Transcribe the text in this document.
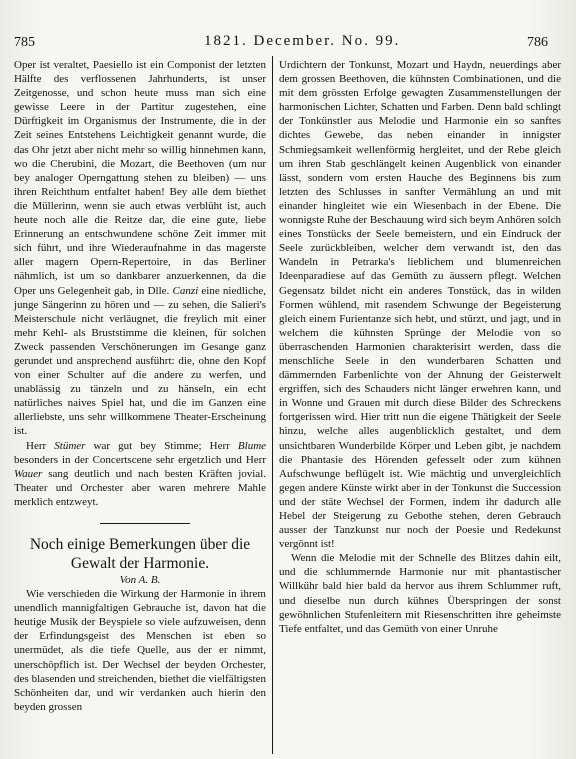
785	1821. December. No. 99.	786

Oper ist veraltet, Paesiello ist ein Componist der letzten Hälfte des verflossenen Jahrhunderts, ist unser Zeitgenosse, und schon heute muss man sich eine gewisse Leere in der Partitur zugestehen, eine Dürftigkeit im Organismus der Instrumente, die in der Zeit seines Entstehens Leichtigkeit genannt wurde, die das Ohr jetzt aber nicht mehr so willig hinnehmen kann, wo die Cherubini, die Mozart, die Beethoven (um nur bey analoger Operngattung stehen zu bleiben) — uns ihren Reichthum entfaltet haben! Bey alle dem biethet die Müllerinn, wenn sie auch etwas verblüht ist, auch heute noch alle die Reitze dar, die eine gute, liebe Erinnerung an entschwundene schöne Zeit immer mit sich führt, und ihre Wiederaufnahme in das magerste aller magern Opern-Repertoire, in das Berliner nähmlich, ist um so dankbarer anzuerkennen, da die Oper uns Gelegenheit gab, in Dlle. Canzi eine niedliche, junge Sängerinn zu hören und — zu sehen, die Salieri's Meisterschule nicht verläugnet, die freylich mit einer mehr Kehl- als Bruststimme die kleinen, für solchen Zweck passenden Verschönerungen im Gesange ganz gerundet und ansprechend ausführt: die, ohne den Kopf von einer Schulter auf die andere zu werfen, und unablässig zu tänzeln und zu hänseln, ein echt natürliches naives Spiel hat, und die im Ganzen eine allerliebste, uns sehr willkommene Theater-Erscheinung ist.

Herr Stümer war gut bey Stimme; Herr Blume besonders in der Concertscene sehr ergetzlich und Herr Wauer sang deutlich und nach besten Kräften jovial. Theater und Orchester aber waren mehrere Mahle merklich entzweyt.

Noch einige Bemerkungen über die Gewalt der Harmonie.

Von A. B.

Wie verschieden die Wirkung der Harmonie in ihrem unendlich mannigfaltigen Gebrauche ist, davon hat die heutige Musik der Beyspiele so viele aufzuweisen, denn der Erfindungsgeist des Menschen ist eben so unermüdet, als die tiefe Quelle, aus der er nimmt, unerschöpflich ist. Der Wechsel der beyden Orchester, des blasenden und streichenden, biethet die vielfältigsten Schönheiten dar, und wir verdanken auch hierin den beyden grossen

Urdichtern der Tonkunst, Mozart und Haydn, neuerdings aber dem grossen Beethoven, die kühnsten Combinationen, und die mit dem grössten Erfolge gewagten Zusammenstellungen der harmonischen Lichter, Schatten und Farben. Denn bald schlingt der Tonkünstler aus Melodie und Harmonie ein so sanftes dichtes Gewebe, das neben einander in innigster Schmiegsamkeit wellenförmig hergleitet, und der Rebe gleich um ihren Stab geschlängelt keinen Augenblick von einander lässt, sondern vom ersten Hauche des Beginnens bis zum letzten des Schlusses in sanfter Vermählung an und mit einander hingleitet wie ein Wiesenbach in der Ebene. Die wonnigste Ruhe der Beschauung wird sich beym Anhören solch eines Tonstücks der Seele bemeistern, und ein Eindruck der Seele zurückbleiben, welcher dem verwandt ist, den das Wandeln in Petrarka's lieblichem und blumenreichen Ideenparadiese auf das Gemüth zu äussern pflegt. Welchen Gegensatz bildet nicht ein anderes Tonstück, das in wilden Formen wühlend, mit rasendem Schwunge der Begeisterung gleich einem Furientanze sich hebt, und stürzt, und jagt, und in welchem die kühnsten Sprünge der Melodie von so überraschenden Harmonien charakterisirt werden, dass die menschliche Seele in den wunderbaren Schatten und dämmernden Farbenlichte von der Ahnung der Geisterwelt ergriffen, sich des Schauders nicht länger erwehren kann, und in Wonne und Grauen mit durch diese Bilder des Schreckens fortgerissen wird. Hier tritt nun die eigene Thätigkeit der Seele hinzu, welche alles augenblicklich gestaltet, und dem unsichtbaren Wunderbilde Körper und Leben gibt, je nachdem die Phantasie des Hörenden gefesselt oder zum kühnen Aufschwunge beflügelt ist. Wie mächtig und unvergleichlich gegen andere Künste wirkt aber in der Tonkunst die Succession und der stäte Wechsel der Formen, indem ihr dadurch alle Hebel der Steigerung zu Gebothe stehen, deren Gebrauch ausser der Tanzkunst nur noch der Poesie und Redekunst vergönnt ist!

Wenn die Melodie mit der Schnelle des Blitzes dahin eilt, und die schlummernde Harmonie nur mit phantastischer Willkühr bald hier bald da hervor aus ihrem Schlummer ruft, und dieselbe nun durch kühnes Überspringen der sonst gewöhnlichen Stufenleitern mit Riesenschritten ihre geheimste Tiefe entfaltet, und das Gemüth von einer Unruhe
